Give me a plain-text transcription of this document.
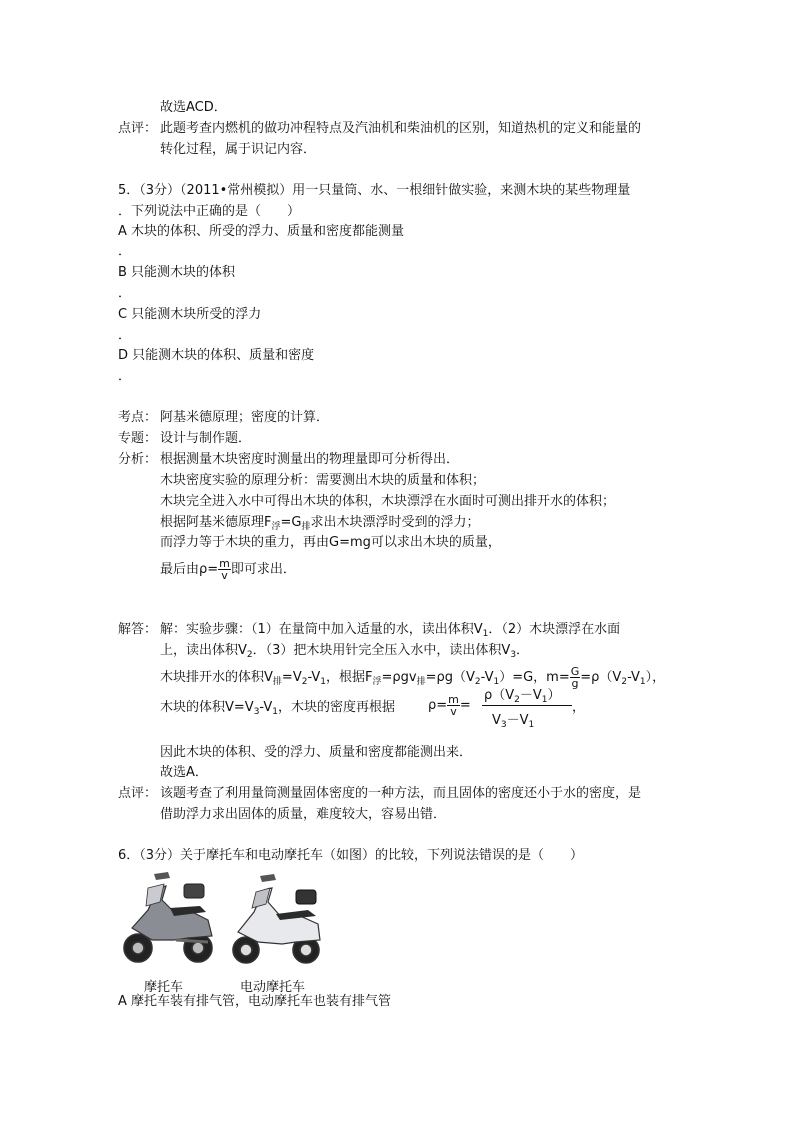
故选ACD．
点评： 此题考查内燃机的做功冲程特点及汽油机和柴油机的区别，知道热机的定义和能量的
转化过程，属于识记内容．
5．（3分）（2011•常州模拟）用一只量筒、水、一根细针做实验，来测木块的某些物理量
．下列说法中正确的是（　　）
A 木块的体积、所受的浮力、质量和密度都能测量
．
B 只能测木块的体积
．
C 只能测木块所受的浮力
．
D 只能测木块的体积、质量和密度
．
考点： 阿基米德原理；密度的计算．
专题： 设计与制作题．
分析： 根据测量木块密度时测量出的物理量即可分析得出．
木块密度实验的原理分析：需要测出木块的质量和体积；
木块完全进入水中可得出木块的体积，木块漂浮在水面时可测出排开水的体积；
根据阿基米德原理$F_浮=G_排$求出木块漂浮时受到的浮力；
而浮力等于木块的重力，再由G=mg可以求出木块的质量，
最后由$\rho= \frac{m}{v}$ 即可求出．
解答： 解：实验步骤：（1）在量筒中加入适量的水，读出体积$V_1$．（2）木块漂浮在水面
上，读出体积$V_2$．（3）把木块用针完全压入水中，读出体积$V_3$．
木块排开水的体积$V_排=V_2-V_1$，根据$F_浮=\rho gv_排=\rho g(V_2-V_1)=G$，$m= \frac{G}{g} =\rho(V_2-V_1)$，
木块的体积$V=V_3-V_1$，木块的密度再根据	$\rho= \frac{m}{v}$ =
$\rho(V_2-V_1)$
$V_3-V_1$
，
因此木块的体积、受的浮力、质量和密度都能测出来．
故选A．
点评： 该题考查了利用量筒测量固体密度的一种方法，而且固体的密度还小于水的密度，是
借助浮力求出固体的质量，难度较大，容易出错．
6．（3分）关于摩托车和电动摩托车（如图）的比较，下列说法错误的是（　　）
摩托车	电动摩托车
A 摩托车装有排气管，电动摩托车也装有排气管
